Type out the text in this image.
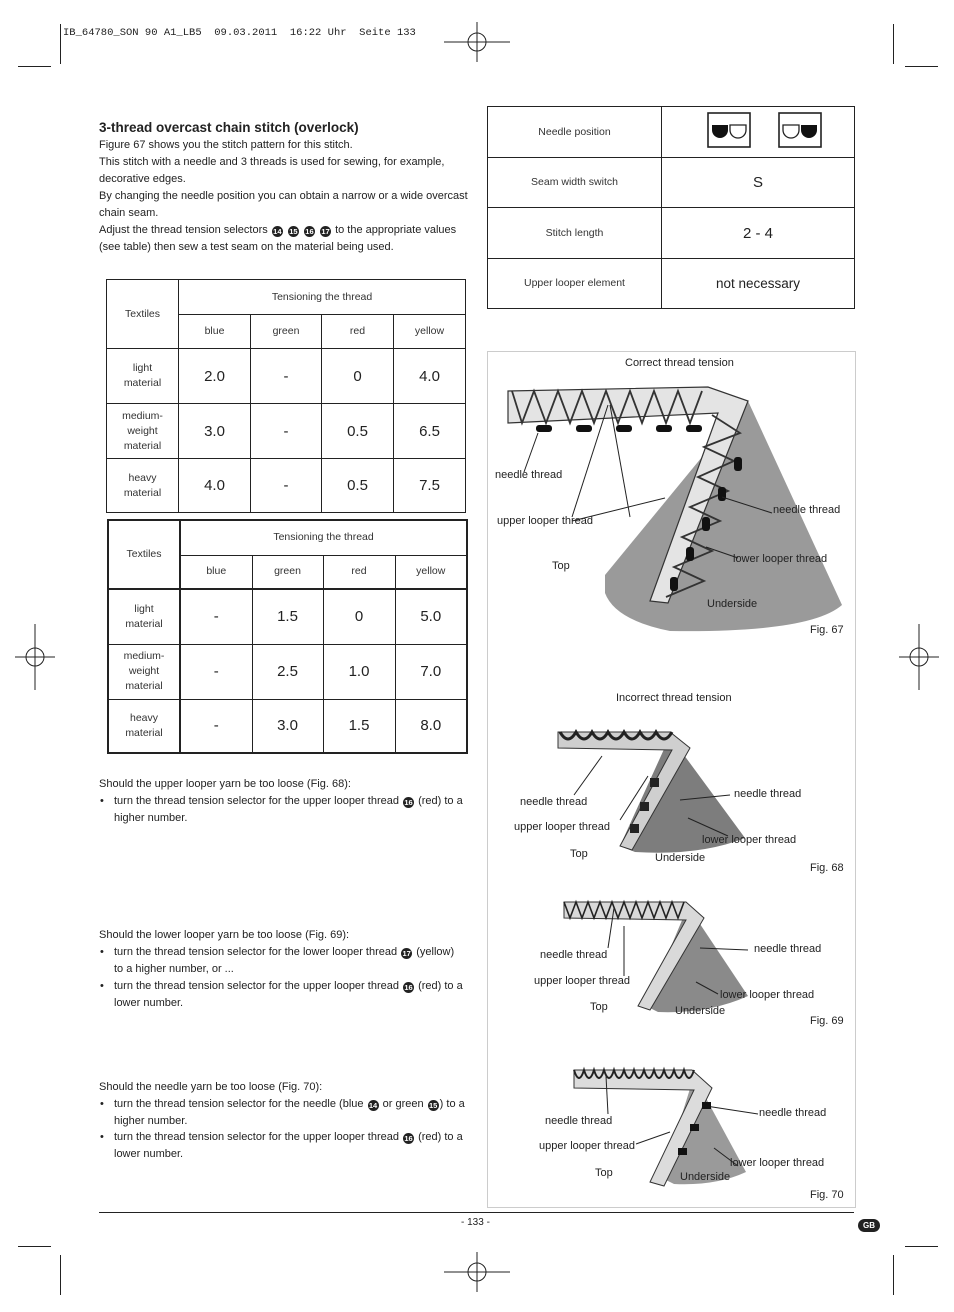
IB_64780_SON 90 A1_LB5  09.03.2011  16:22 Uhr  Seite 133
3-thread overcast chain stitch (overlock)
Figure 67 shows you the stitch pattern for this stitch.
This stitch with a needle and 3 threads is used for sewing, for example,
decorative edges.
By changing the needle position you can obtain a narrow or a wide overcast
chain seam.
Adjust the thread tension selectors 14 15 16 17 to the appropriate values
(see table) then sew a test seam on the material being used.
Needle position	
Seam width switch	S
Stitch length	2 - 4
Upper looper element	not necessary
Textiles	Tensioning the thread			
	blue	green	red	yellow

light
material	2.0	-	0	4.0

medium-
weight
material	3.0	-	0.5	6.5

heavy
material	4.0	-	0.5	7.5
Textiles	Tensioning the thread			
	blue	green	red	yellow

light
material	-	1.5	0	5.0

medium-
weight
material	-	2.5	1.0	7.0

heavy
material	-	3.0	1.5	8.0
Should the upper looper yarn be too loose (Fig. 68):
• turn the thread tension selector for the upper looper thread 16 (red) to a
higher number.
Should the lower looper yarn be too loose (Fig. 69):
• turn the thread tension selector for the lower looper thread 17 (yellow)
to a higher number, or ...
• turn the thread tension selector for the upper looper thread 16 (red) to a
lower number.
Should the needle yarn be too loose (Fig. 70):
• turn the thread tension selector for the needle (blue 14 or green 15 ) to a
higher number.
• turn the thread tension selector for the upper looper thread 16 (red) to a
lower number.
Correct thread tension
needle thread
upper looper thread
Top
needle thread
lower looper thread
Underside
Fig. 67
Incorrect thread tension
needle thread
upper looper thread
Top
needle thread
lower looper thread
Underside
Fig. 68
needle thread
upper looper thread
Top
needle thread
lower looper thread
Underside
Fig. 69
needle thread
upper looper thread
Top
needle thread
lower looper thread
Underside
Fig. 70
- 133 -	GB
